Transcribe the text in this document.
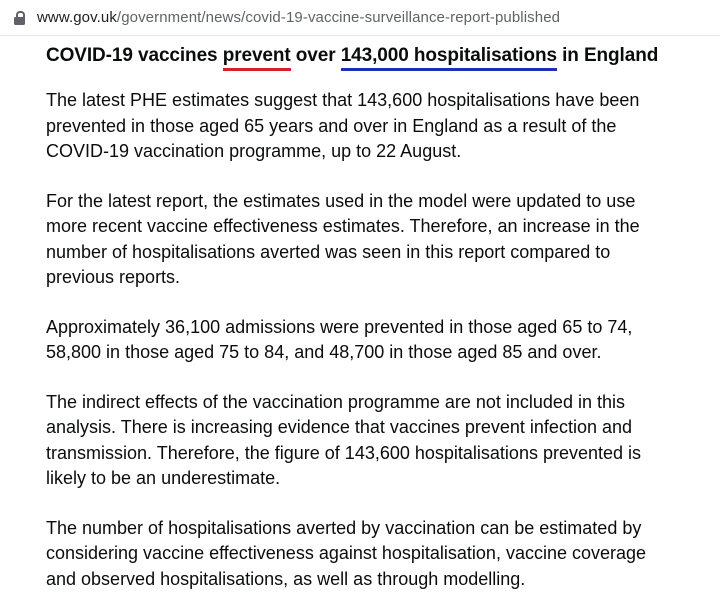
www.gov.uk/government/news/covid-19-vaccine-surveillance-report-published
COVID-19 vaccines prevent over 143,000 hospitalisations in England

The latest PHE estimates suggest that 143,600 hospitalisations have been
prevented in those aged 65 years and over in England as a result of the
COVID-19 vaccination programme, up to 22 August.

For the latest report, the estimates used in the model were updated to use
more recent vaccine effectiveness estimates. Therefore, an increase in the
number of hospitalisations averted was seen in this report compared to
previous reports.

Approximately 36,100 admissions were prevented in those aged 65 to 74,
58,800 in those aged 75 to 84, and 48,700 in those aged 85 and over.

The indirect effects of the vaccination programme are not included in this
analysis. There is increasing evidence that vaccines prevent infection and
transmission. Therefore, the figure of 143,600 hospitalisations prevented is
likely to be an underestimate.

The number of hospitalisations averted by vaccination can be estimated by
considering vaccine effectiveness against hospitalisation, vaccine coverage
and observed hospitalisations, as well as through modelling.
